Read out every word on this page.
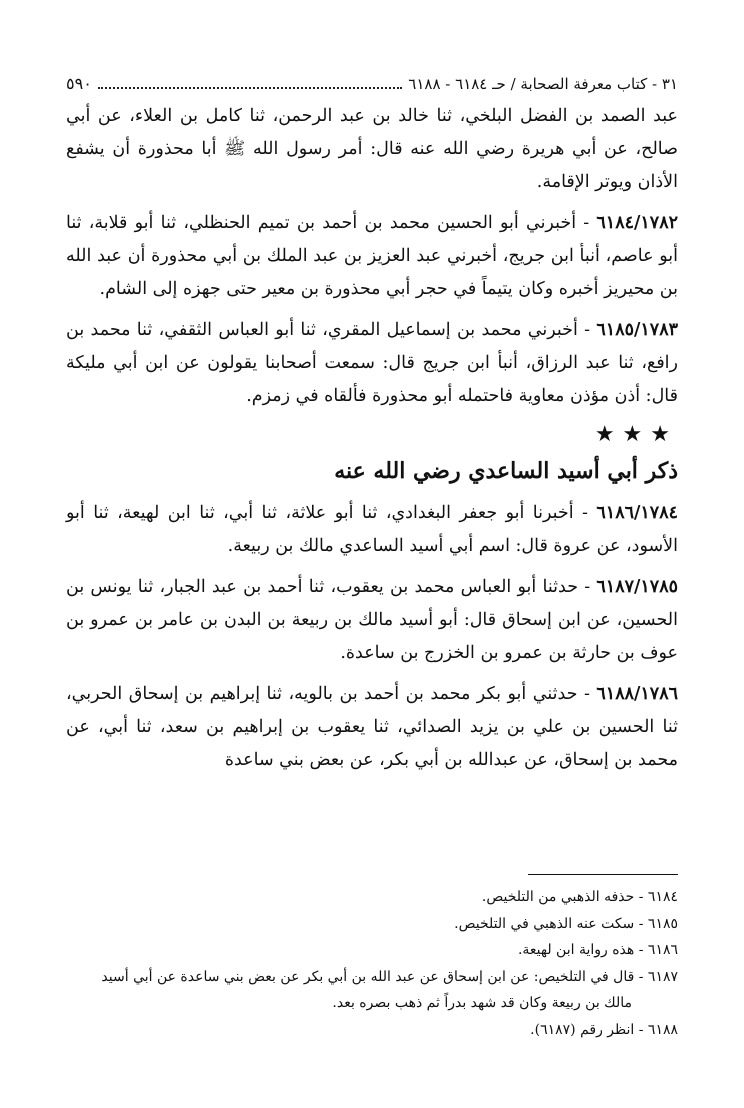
٣١ - كتاب معرفة الصحابة / حـ ٦١٨٤ - ٦١٨٨
٥٩٠

عبد الصمد بن الفضل البلخي، ثنا خالد بن عبد الرحمن، ثنا كامل بن العلاء، عن أبي صالح، عن أبي هريرة رضي الله عنه قال: أمر رسول الله ﷺ أبا محذورة أن يشفع الأذان ويوتر الإقامة.

٦١٨٤/١٧٨٢ - أخبرني أبو الحسين محمد بن أحمد بن تميم الحنظلي، ثنا أبو قلابة، ثنا أبو عاصم، أنبأ ابن جريج، أخبرني عبد العزيز بن عبد الملك بن أبي محذورة أن عبد الله بن محيريز أخبره وكان يتيماً في حجر أبي محذورة بن معير حتى جهزه إلى الشام.

٦١٨٥/١٧٨٣ - أخبرني محمد بن إسماعيل المقري، ثنا أبو العباس الثقفي، ثنا محمد بن رافع، ثنا عبد الرزاق، أنبأ ابن جريج قال: سمعت أصحابنا يقولون عن ابن أبي مليكة قال: أذن مؤذن معاوية فاحتمله أبو محذورة فألقاه في زمزم.

★★★
ذكر أبي أسيد الساعدي رضي الله عنه

٦١٨٦/١٧٨٤ - أخبرنا أبو جعفر البغدادي، ثنا أبو علاثة، ثنا أبي، ثنا ابن لهيعة، ثنا أبو الأسود، عن عروة قال: اسم أبي أسيد الساعدي مالك بن ربيعة.

٦١٨٧/١٧٨٥ - حدثنا أبو العباس محمد بن يعقوب، ثنا أحمد بن عبد الجبار، ثنا يونس بن الحسين، عن ابن إسحاق قال: أبو أسيد مالك بن ربيعة بن البدن بن عامر بن عمرو بن عوف بن حارثة بن عمرو بن الخزرج بن ساعدة.

٦١٨٨/١٧٨٦ - حدثني أبو بكر محمد بن أحمد بن بالويه، ثنا إبراهيم بن إسحاق الحربي، ثنا الحسين بن علي بن يزيد الصدائي، ثنا يعقوب بن إبراهيم بن سعد، ثنا أبي، عن محمد بن إسحاق، عن عبدالله بن أبي بكر، عن بعض بني ساعدة

٦١٨٤ - حذفه الذهبي من التلخيص.
٦١٨٥ - سكت عنه الذهبي في التلخيص.
٦١٨٦ - هذه رواية ابن لهيعة.
٦١٨٧ - قال في التلخيص: عن ابن إسحاق عن عبد الله بن أبي بكر عن بعض بني ساعدة عن أبي أسيد
مالك بن ربيعة وكان قد شهد بدراً ثم ذهب بصره بعد.
٦١٨٨ - انظر رقم (٦١٨٧).
